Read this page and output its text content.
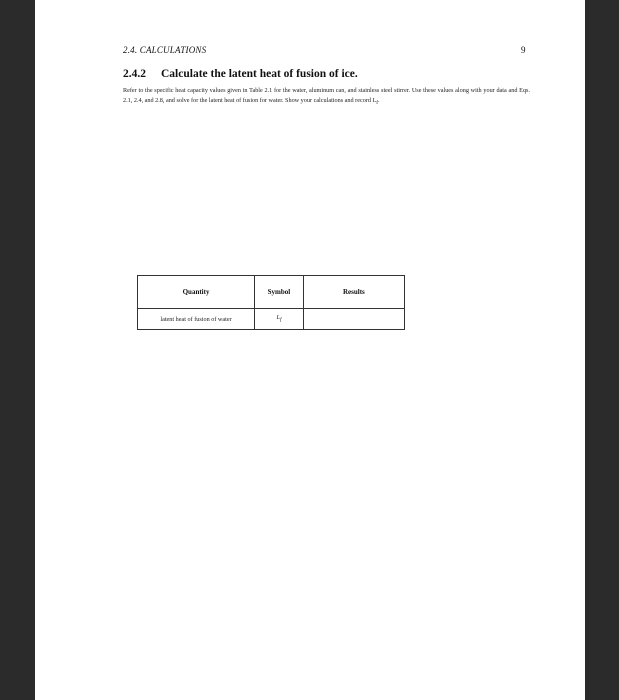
2.4. CALCULATIONS	9
2.4.2 Calculate the latent heat of fusion of ice.
Refer to the specific heat capacity values given in Table 2.1 for the water, aluminum can, and stainless steel stirrer. Use these values along with your data and Eqs. 2.1, 2.4, and 2.8, and solve for the latent heat of fusion for water. Show your calculations and record $L_f$.
Quantity	Symbol	Results
latent heat of fusion of water	$L_f$	
